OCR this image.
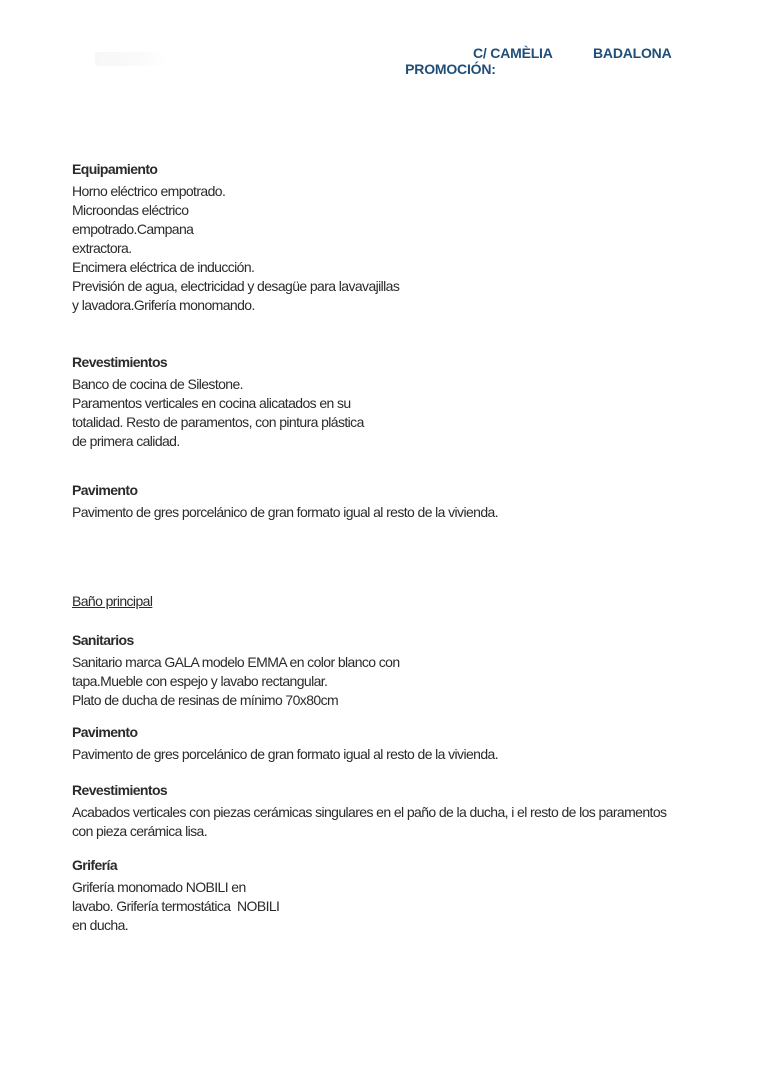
PROMOCIÓN:

C/ CAMÈLIA

	BADALONA

Equipamiento

Horno eléctrico empotrado.

Microondas eléctrico

empotrado.Campana

extractora.

Encimera eléctrica de inducción.

Previsión de agua, electricidad y desagüe para lavavajillas

y lavadora.Grifería monomando.

Revestimientos

Banco de cocina de Silestone.

Paramentos verticales en cocina alicatados en su

totalidad. Resto de paramentos, con pintura plástica

de primera calidad.

Pavimento

Pavimento de gres porcelánico de gran formato igual al resto de la vivienda.

Baño principal
Sanitarios

Sanitario marca GALA modelo EMMA en color blanco con

tapa.Mueble con espejo y lavabo rectangular.

Plato de ducha de resinas de mínimo 70x80cm

Pavimento

Pavimento de gres porcelánico de gran formato igual al resto de la vivienda.

Revestimientos

Acabados verticales con piezas cerámicas singulares en el paño de la ducha, i el resto de los paramentos

con pieza cerámica lisa.

Grifería

Grifería monomado NOBILI en

lavabo. Grifería termostática  NOBILI

en ducha.
